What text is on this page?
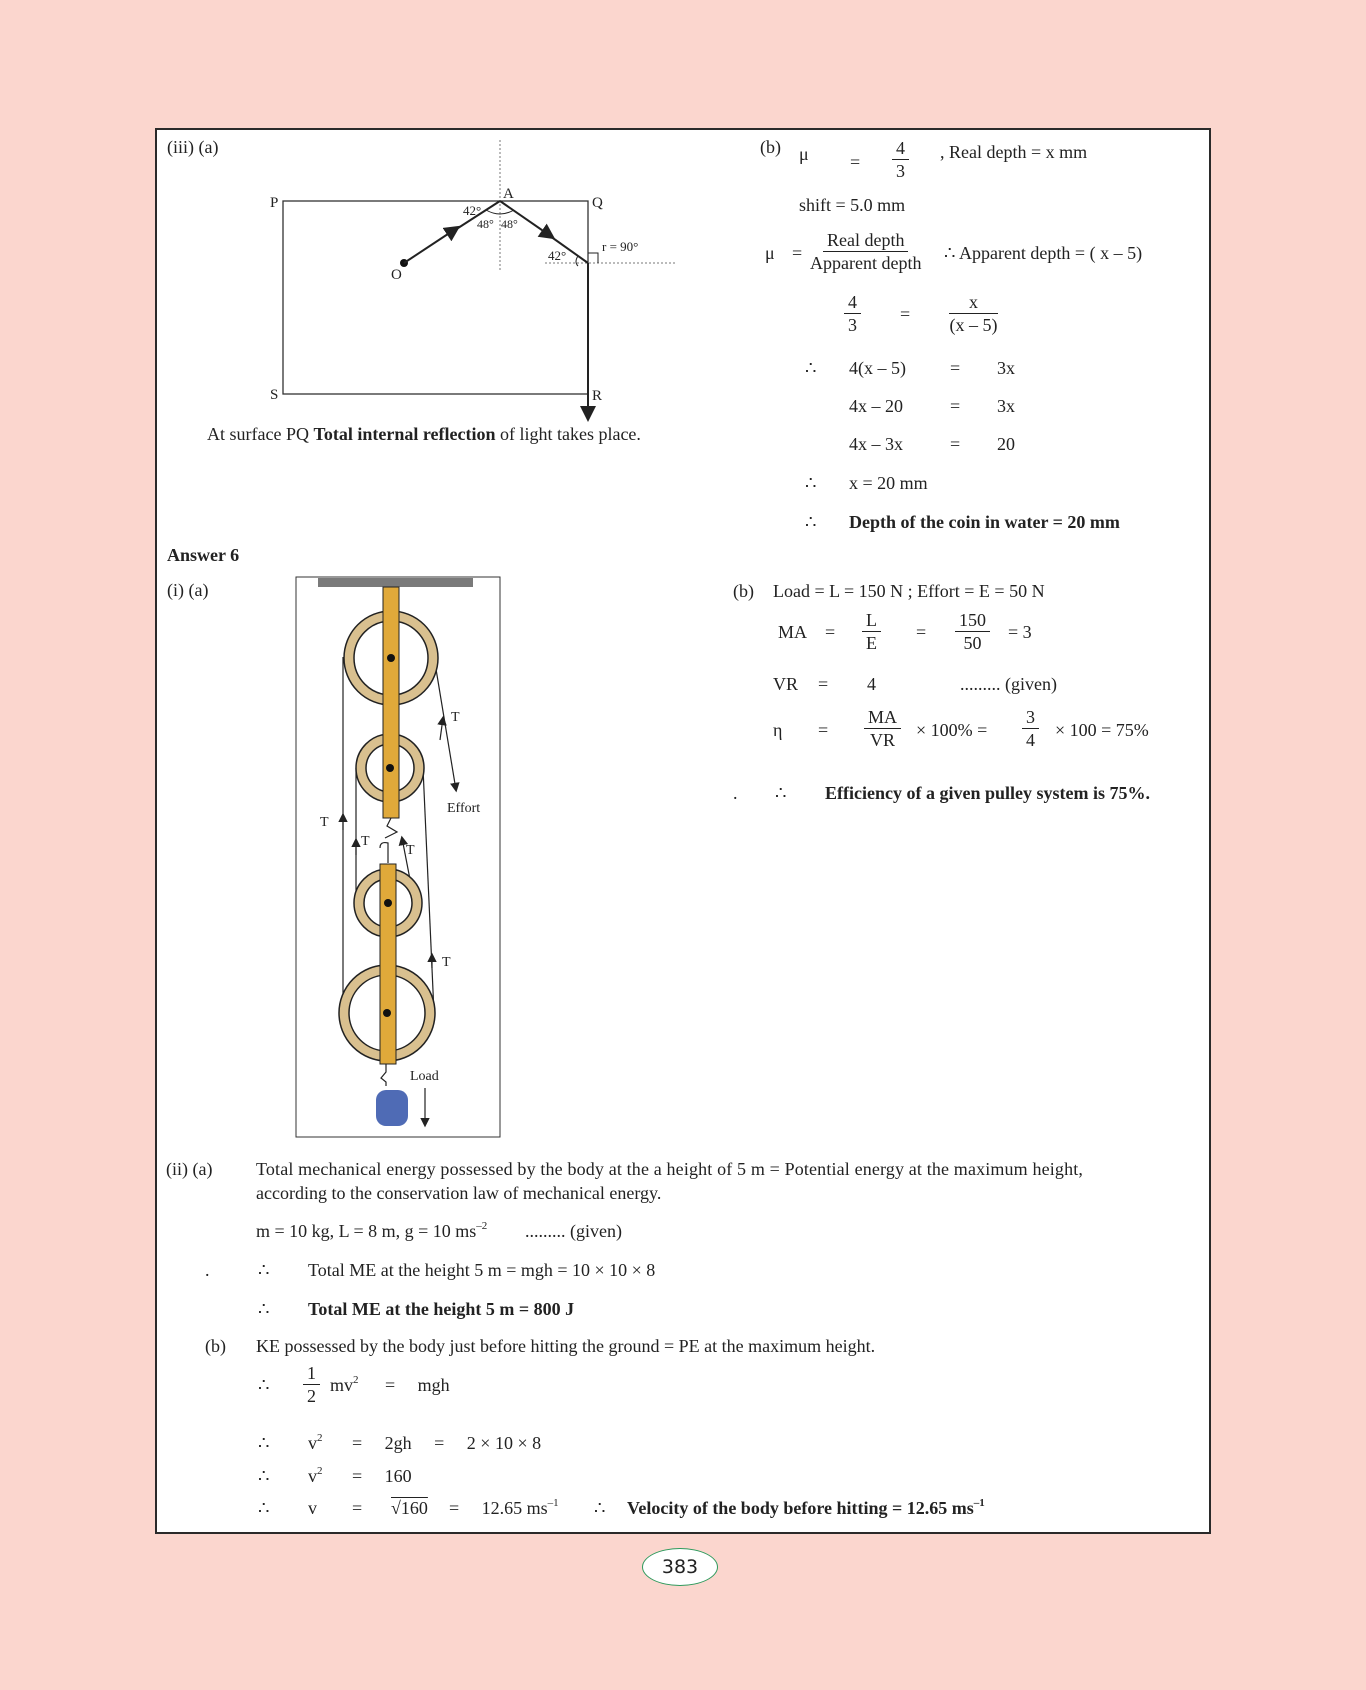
P	Q
S	R
A
O
42°
48° 48°
42°
r = 90°
T
Effort
T
T
T
T
Load
(iii) (a)
At surface PQ Total internal reflection of light takes place.
(b) $\mu = \frac{4}{3}$ , Real depth = x mm
shift = 5.0 mm
μ =
Real depth
Apparent depth ∴ Apparent depth = ( x – 5)
$\frac{4}{3} = \frac{x}{(x - 5)}$
∴ 4(x – 5) = 3x
4x – 20	= 3x
4x – 3x	= 20
∴ x = 20 mm
∴ Depth of the coin in water = 20 mm
Answer 6
(i) (a)	(b) Load = L = 150 N ; Effort = E = 50 N
MA = $\frac{L}{E} = \frac{150}{50} = 3$
VR = 4	......... (given)
$\eta = \frac{MA}{VR} \times 100\% = \frac{3}{4} \times 100 = 75\%$
. ∴ Efficiency of a given pulley system is 75%.
(ii) (a) Total mechanical energy possessed by the body at the a height of 5 m = Potential energy at the maximum height,
according to the conservation law of mechanical energy.
m = 10 kg, L = 8 m, g = 10 $ms^{-2}$ ......... (given)
.	∴ Total ME at the height 5 m = mgh = 10 × 10 × 8
∴ Total ME at the height 5 m = 800 J
(b) KE possessed by the body just before hitting the ground = PE at the maximum height.
∴ $\frac{1}{2} mv^2$ =     mgh
∴ $v^2$ =     2gh     =     2 × 10 × 8
∴ $v^2$ =     160
∴ v = √160 =     12.65 $ms^{-1}$ ∴ Velocity of the body before hitting = 12.65 $ms^{-1}$
383
